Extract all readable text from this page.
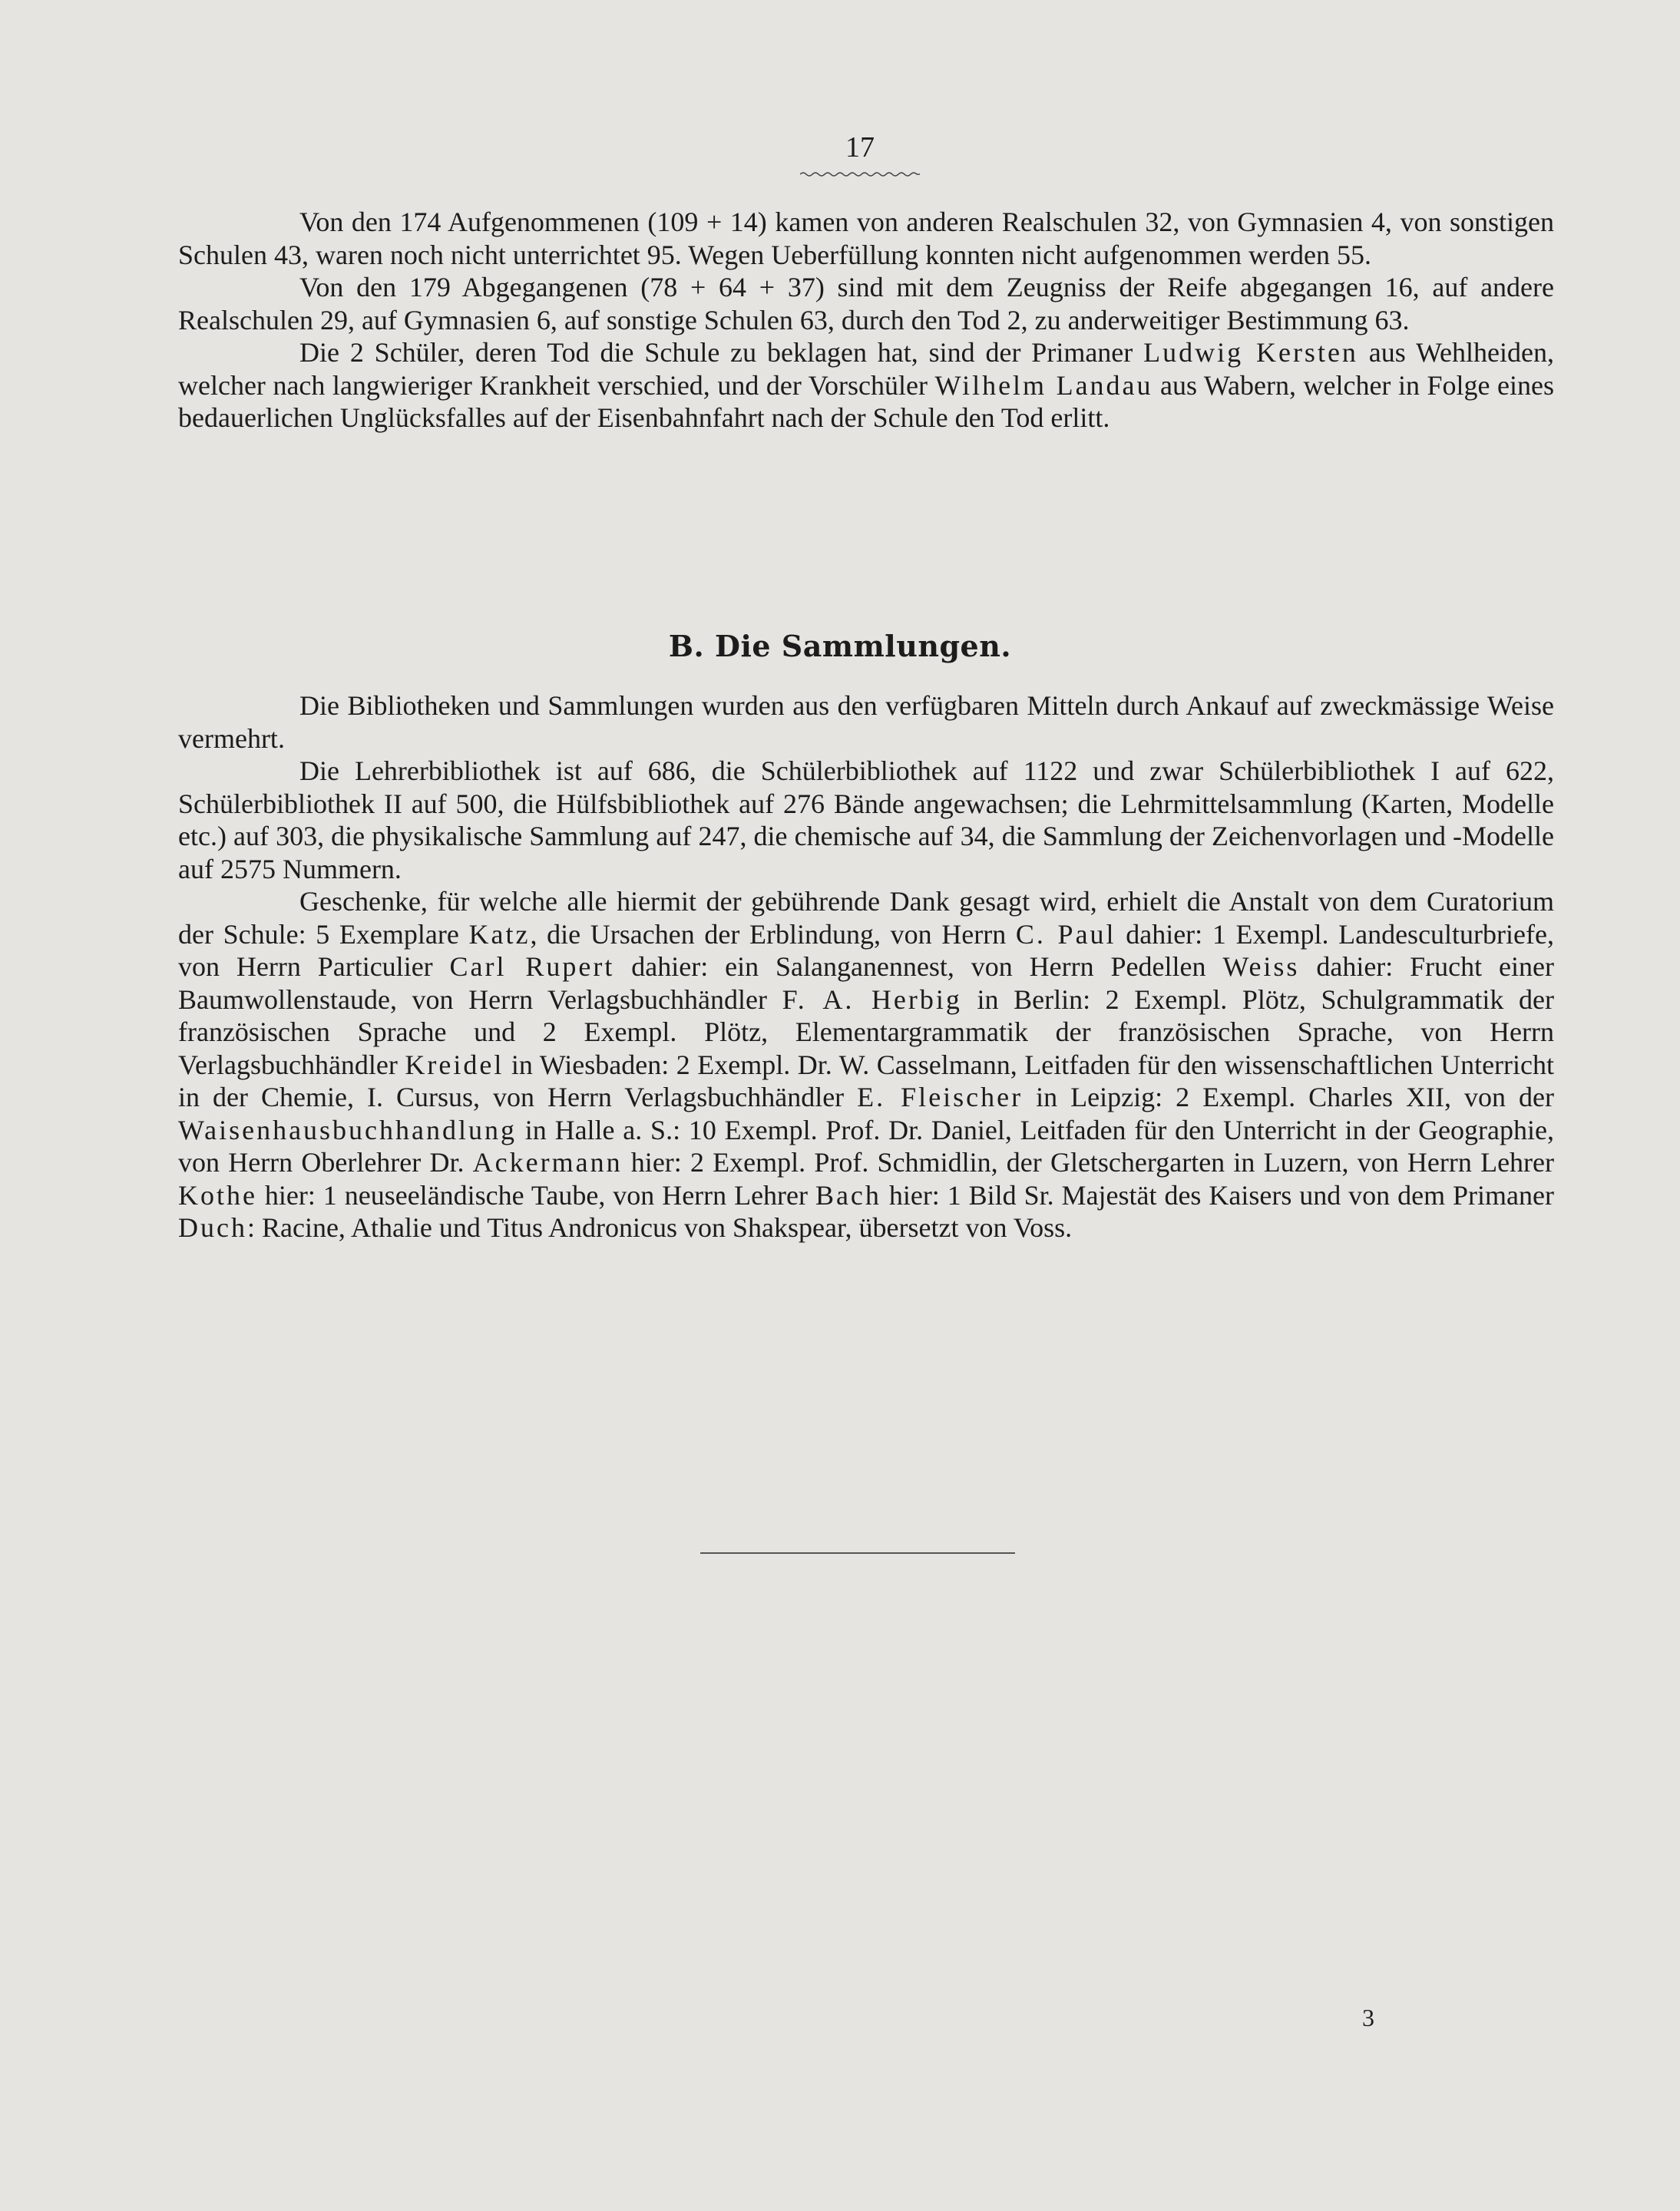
17

Von den 174 Aufgenommenen (109 + 14) kamen von anderen Realschulen 32, von Gymnasien 4, von sonstigen Schulen 43, waren noch nicht unterrichtet 95. Wegen Ueberfüllung konnten nicht aufgenommen werden 55.

Von den 179 Abgegangenen (78 + 64 + 37) sind mit dem Zeugniss der Reife abgegangen 16, auf andere Realschulen 29, auf Gymnasien 6, auf sonstige Schulen 63, durch den Tod 2, zu anderweitiger Bestimmung 63.

Die 2 Schüler, deren Tod die Schule zu beklagen hat, sind der Primaner Ludwig Kersten aus Wehlheiden, welcher nach langwieriger Krankheit verschied, und der Vorschüler Wilhelm Landau aus Wabern, welcher in Folge eines bedauerlichen Unglücksfalles auf der Eisenbahnfahrt nach der Schule den Tod erlitt.

B. Die Sammlungen.

Die Bibliotheken und Sammlungen wurden aus den verfügbaren Mitteln durch Ankauf auf zweckmässige Weise vermehrt.

Die Lehrerbibliothek ist auf 686, die Schülerbibliothek auf 1122 und zwar Schülerbibliothek I auf 622, Schülerbibliothek II auf 500, die Hülfsbibliothek auf 276 Bände angewachsen; die Lehrmittelsammlung (Karten, Modelle etc.) auf 303, die physikalische Sammlung auf 247, die chemische auf 34, die Sammlung der Zeichenvorlagen und -Modelle auf 2575 Nummern.

Geschenke, für welche alle hiermit der gebührende Dank gesagt wird, erhielt die Anstalt von dem Curatorium der Schule: 5 Exemplare Katz, die Ursachen der Erblindung, von Herrn C. Paul dahier: 1 Exempl. Landesculturbriefe, von Herrn Particulier Carl Rupert dahier: ein Salanganennest, von Herrn Pedellen Weiss dahier: Frucht einer Baumwollenstaude, von Herrn Verlagsbuchhändler F. A. Herbig in Berlin: 2 Exempl. Plötz, Schulgrammatik der französischen Sprache und 2 Exempl. Plötz, Elementargrammatik der französischen Sprache, von Herrn Verlagsbuchhändler Kreidel in Wiesbaden: 2 Exempl. Dr. W. Casselmann, Leitfaden für den wissenschaftlichen Unterricht in der Chemie, I. Cursus, von Herrn Verlagsbuchhändler E. Fleischer in Leipzig: 2 Exempl. Charles XII, von der Waisenhausbuchhandlung in Halle a. S.: 10 Exempl. Prof. Dr. Daniel, Leitfaden für den Unterricht in der Geographie, von Herrn Oberlehrer Dr. Ackermann hier: 2 Exempl. Prof. Schmidlin, der Gletschergarten in Luzern, von Herrn Lehrer Kothe hier: 1 neuseeländische Taube, von Herrn Lehrer Bach hier: 1 Bild Sr. Majestät des Kaisers und von dem Primaner Duch: Racine, Athalie und Titus Andronicus von Shakspear, übersetzt von Voss.

3
